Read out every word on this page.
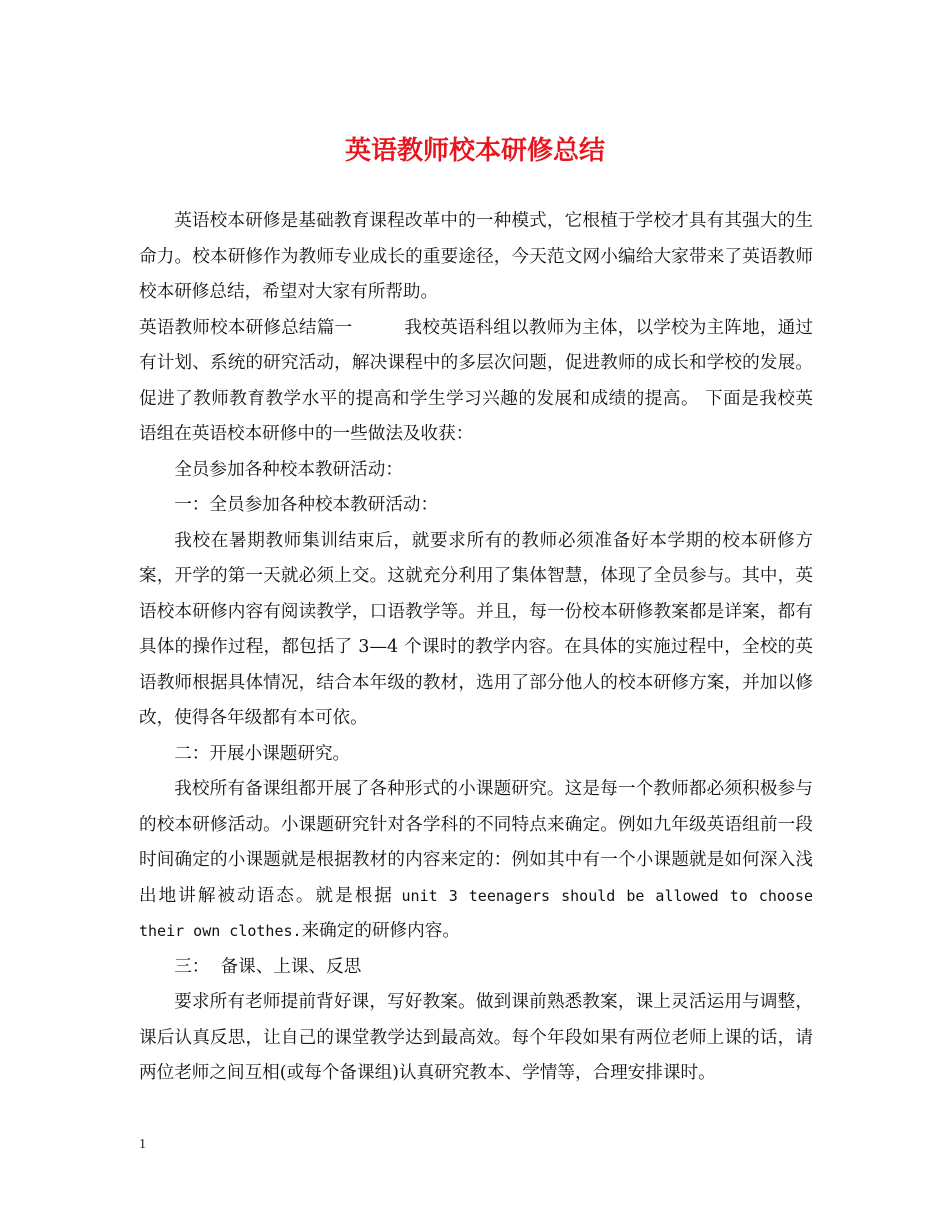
英语教师校本研修总结

英语校本研修是基础教育课程改革中的一种模式，它根植于学校才具有其强大的生命力。校本研修作为教师专业成长的重要途径，今天范文网小编给大家带来了英语教师校本研修总结，希望对大家有所帮助。

英语教师校本研修总结篇一	我校英语科组以教师为主体，以学校为主阵地，通过有计划、系统的研究活动，解决课程中的多层次问题，促进教师的成长和学校的发展。促进了教师教育教学水平的提高和学生学习兴趣的发展和成绩的提高。 下面是我校英语组在英语校本研修中的一些做法及收获：

全员参加各种校本教研活动：

一：全员参加各种校本教研活动：

我校在暑期教师集训结束后，就要求所有的教师必须准备好本学期的校本研修方案，开学的第一天就必须上交。这就充分利用了集体智慧，体现了全员参与。其中，英语校本研修内容有阅读教学，口语教学等。并且，每一份校本研修教案都是详案，都有具体的操作过程，都包括了 3—4 个课时的教学内容。在具体的实施过程中，全校的英语教师根据具体情况，结合本年级的教材，选用了部分他人的校本研修方案，并加以修改，使得各年级都有本可依。

二：开展小课题研究。

我校所有备课组都开展了各种形式的小课题研究。这是每一个教师都必须积极参与的校本研修活动。小课题研究针对各学科的不同特点来确定。例如九年级英语组前一段时间确定的小课题就是根据教材的内容来定的：例如其中有一个小课题就是如何深入浅出地讲解被动语态。就是根据 unit 3 teenagers should be allowed to choose their own clothes.来确定的研修内容。

三：  备课、上课、反思

要求所有老师提前背好课，写好教案。做到课前熟悉教案，课上灵活运用与调整，课后认真反思，让自己的课堂教学达到最高效。每个年段如果有两位老师上课的话，请两位老师之间互相(或每个备课组)认真研究教本、学情等，合理安排课时。

1
